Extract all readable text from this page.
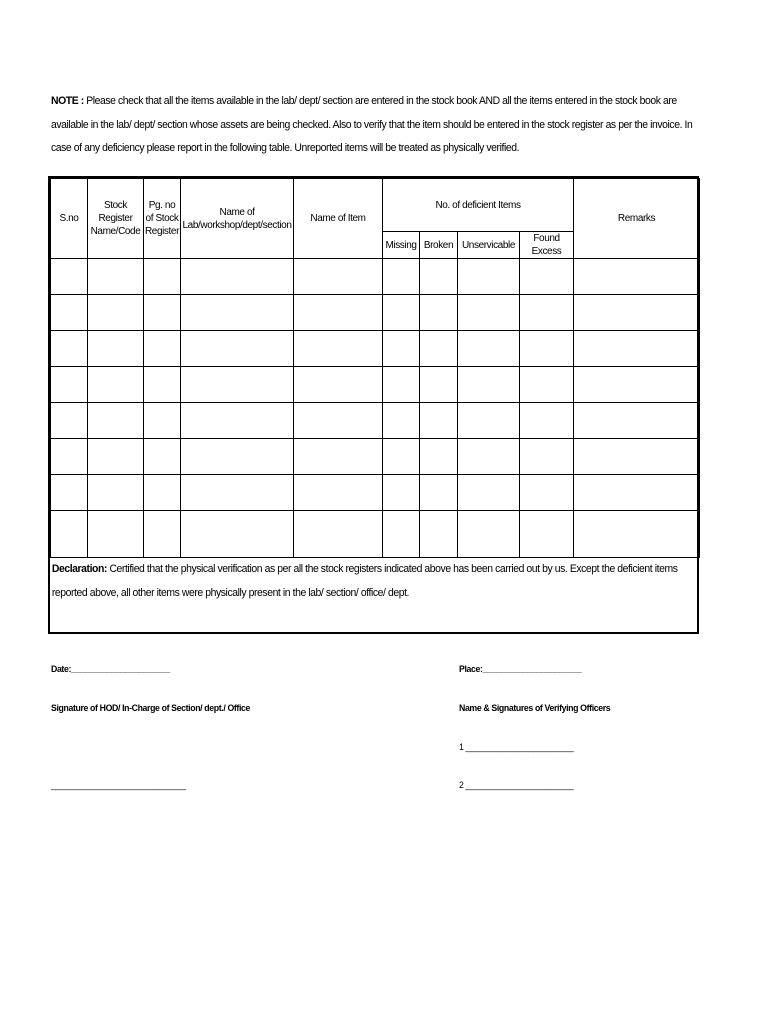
NOTE : Please check that all the items available in the lab/ dept/ section are entered in the stock book AND all the items entered in the stock book are available in the lab/ dept/ section whose assets are being checked. Also to verify that the item should be entered in the stock register as per the invoice. In case of any deficiency please report in the following table. Unreported items will be treated as physically verified.
S.no	Stock Register Name/Code	Pg. no of Stock Register	Name of Lab/workshop/dept/section	Name of Item	No. of deficient Items				Remarks
					Missing	Broken	Unservicable	Found Excess	

Declaration: Certified that the physical verification as per all the stock registers indicated above has been carried out by us. Except the deficient items reported above, all other items were physically present in the lab/ section/ office/ dept.
Date:______________________	Place:______________________
Signature of HOD/ In-Charge of Section/ dept./ Office	Name & Signatures of Verifying Officers
1 ________________________
______________________________	2 ________________________
